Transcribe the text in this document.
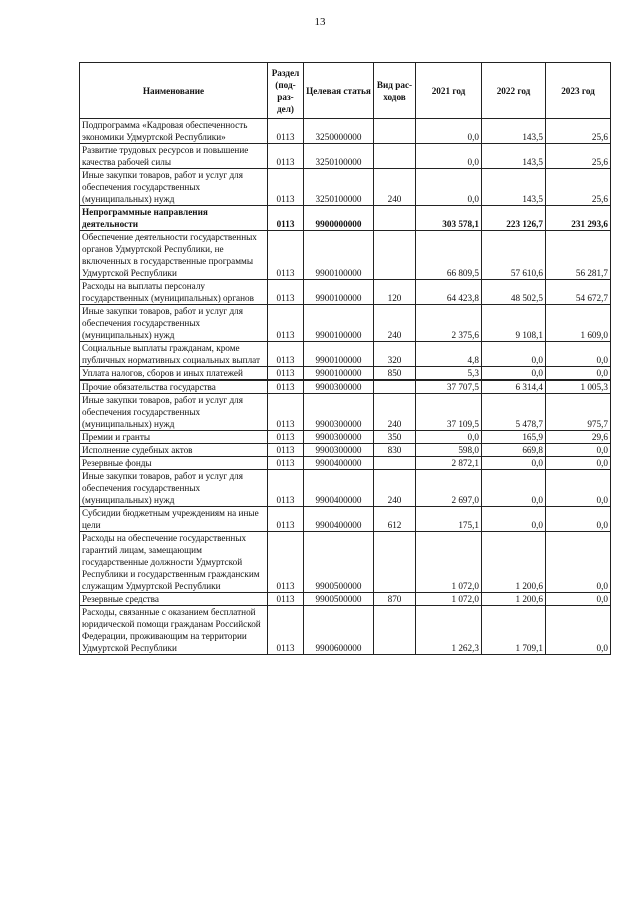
13
Наименование	Раздел (под- раз- дел)	Целевая статья	Вид рас- ходов	2021 год	2022 год	2023 год
Подпрограмма «Кадровая обеспеченность экономики Удмуртской Республики»	0113	3250000000		0,0	143,5	25,6
Развитие трудовых ресурсов и повышение качества рабочей силы	0113	3250100000		0,0	143,5	25,6
Иные закупки товаров, работ и услуг для обеспечения государственных (муниципальных) нужд	0113	3250100000	240	0,0	143,5	25,6
Непрограммные направления деятельности	0113	9900000000		303 578,1	223 126,7	231 293,6
Обеспечение деятельности государственных органов Удмуртской Республики, не включенных в государственные программы Удмуртской Республики	0113	9900100000		66 809,5	57 610,6	56 281,7
Расходы на выплаты персоналу государственных (муниципальных) органов	0113	9900100000	120	64 423,8	48 502,5	54 672,7
Иные закупки товаров, работ и услуг для обеспечения государственных (муниципальных) нужд	0113	9900100000	240	2 375,6	9 108,1	1 609,0
Социальные выплаты гражданам, кроме публичных нормативных социальных выплат	0113	9900100000	320	4,8	0,0	0,0
Уплата налогов, сборов и иных платежей	0113	9900100000	850	5,3	0,0	0,0
Прочие обязательства государства	0113	9900300000		37 707,5	6 314,4	1 005,3
Иные закупки товаров, работ и услуг для обеспечения государственных (муниципальных) нужд	0113	9900300000	240	37 109,5	5 478,7	975,7
Премии и гранты	0113	9900300000	350	0,0	165,9	29,6
Исполнение судебных актов	0113	9900300000	830	598,0	669,8	0,0
Резервные фонды	0113	9900400000		2 872,1	0,0	0,0
Иные закупки товаров, работ и услуг для обеспечения государственных (муниципальных) нужд	0113	9900400000	240	2 697,0	0,0	0,0
Субсидии бюджетным учреждениям на иные цели	0113	9900400000	612	175,1	0,0	0,0
Расходы на обеспечение государственных гарантий лицам, замещающим государственные должности Удмуртской Республики и государственным гражданским служащим Удмуртской Республики	0113	9900500000		1 072,0	1 200,6	0,0
Резервные средства	0113	9900500000	870	1 072,0	1 200,6	0,0
Расходы, связанные с оказанием бесплатной юридической помощи гражданам Российской Федерации, проживающим на территории Удмуртской Республики	0113	9900600000		1 262,3	1 709,1	0,0
